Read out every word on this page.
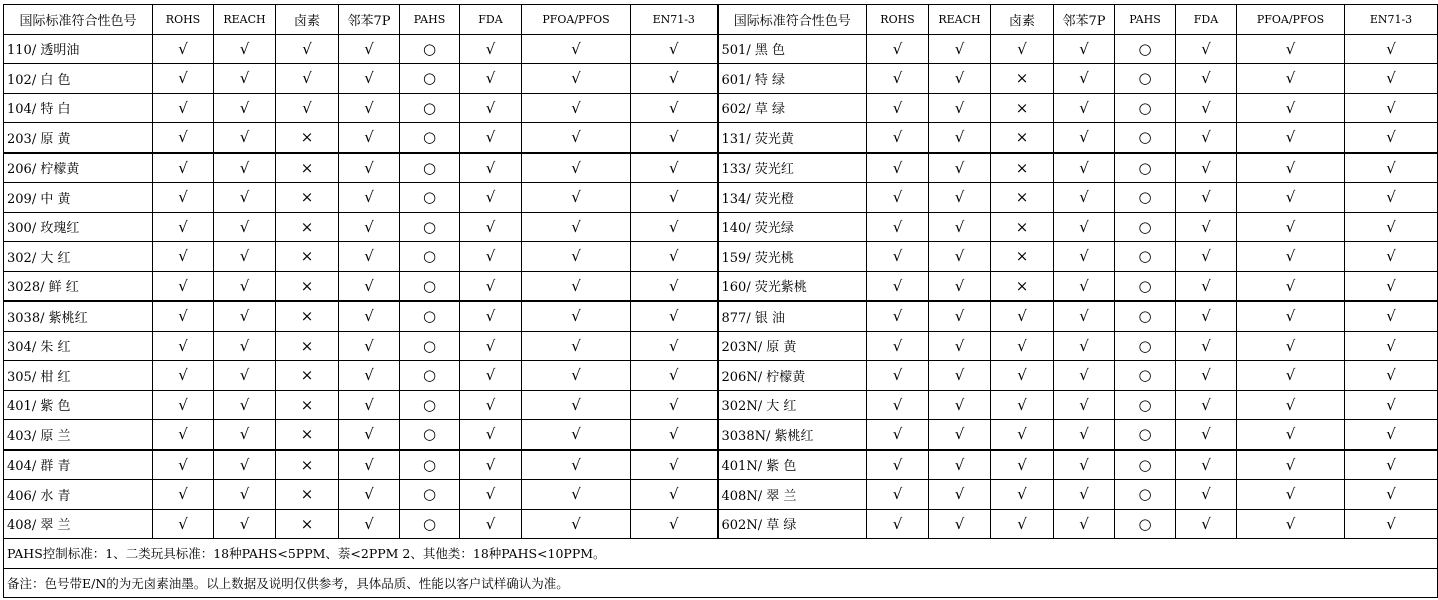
国际标准符合性色号	ROHS	REACH	卤素	邻苯7P	PAHS	FDA	PFOA/PFOS	EN71-3	国际标准符合性色号	ROHS	REACH	卤素	邻苯7P	PAHS	FDA	PFOA/PFOS	EN71-3
110/ 透明油	√	√	√	√	○	√	√	√	501/ 黑 色	√	√	√	√	○	√	√	√
102/ 白 色	√	√	√	√	○	√	√	√	601/ 特 绿	√	√	×	√	○	√	√	√
104/ 特 白	√	√	√	√	○	√	√	√	602/ 草 绿	√	√	×	√	○	√	√	√
203/ 原 黄	√	√	×	√	○	√	√	√	131/ 荧光黄	√	√	×	√	○	√	√	√
206/ 柠檬黄	√	√	×	√	○	√	√	√	133/ 荧光红	√	√	×	√	○	√	√	√
209/ 中 黄	√	√	×	√	○	√	√	√	134/ 荧光橙	√	√	×	√	○	√	√	√
300/ 玫瑰红	√	√	×	√	○	√	√	√	140/ 荧光绿	√	√	×	√	○	√	√	√
302/ 大 红	√	√	×	√	○	√	√	√	159/ 荧光桃	√	√	×	√	○	√	√	√
3028/ 鲜 红	√	√	×	√	○	√	√	√	160/ 荧光紫桃	√	√	×	√	○	√	√	√
3038/ 紫桃红	√	√	×	√	○	√	√	√	877/ 银 油	√	√	√	√	○	√	√	√
304/ 朱 红	√	√	×	√	○	√	√	√	203N/ 原 黄	√	√	√	√	○	√	√	√
305/ 柑 红	√	√	×	√	○	√	√	√	206N/ 柠檬黄	√	√	√	√	○	√	√	√
401/ 紫 色	√	√	×	√	○	√	√	√	302N/ 大 红	√	√	√	√	○	√	√	√
403/ 原 兰	√	√	×	√	○	√	√	√	3038N/ 紫桃红	√	√	√	√	○	√	√	√
404/ 群 青	√	√	×	√	○	√	√	√	401N/ 紫 色	√	√	√	√	○	√	√	√
406/ 水 青	√	√	×	√	○	√	√	√	408N/ 翠 兰	√	√	√	√	○	√	√	√
408/ 翠 兰	√	√	×	√	○	√	√	√	602N/ 草 绿	√	√	√	√	○	√	√	√
PAHS控制标准：1、二类玩具标准：18种PAHS<5PPM、萘<2PPM 2、其他类：18种PAHS<10PPM。																	
备注：色号带E/N的为无卤素油墨。以上数据及说明仅供参考，具体品质、性能以客户试样确认为准。																	
